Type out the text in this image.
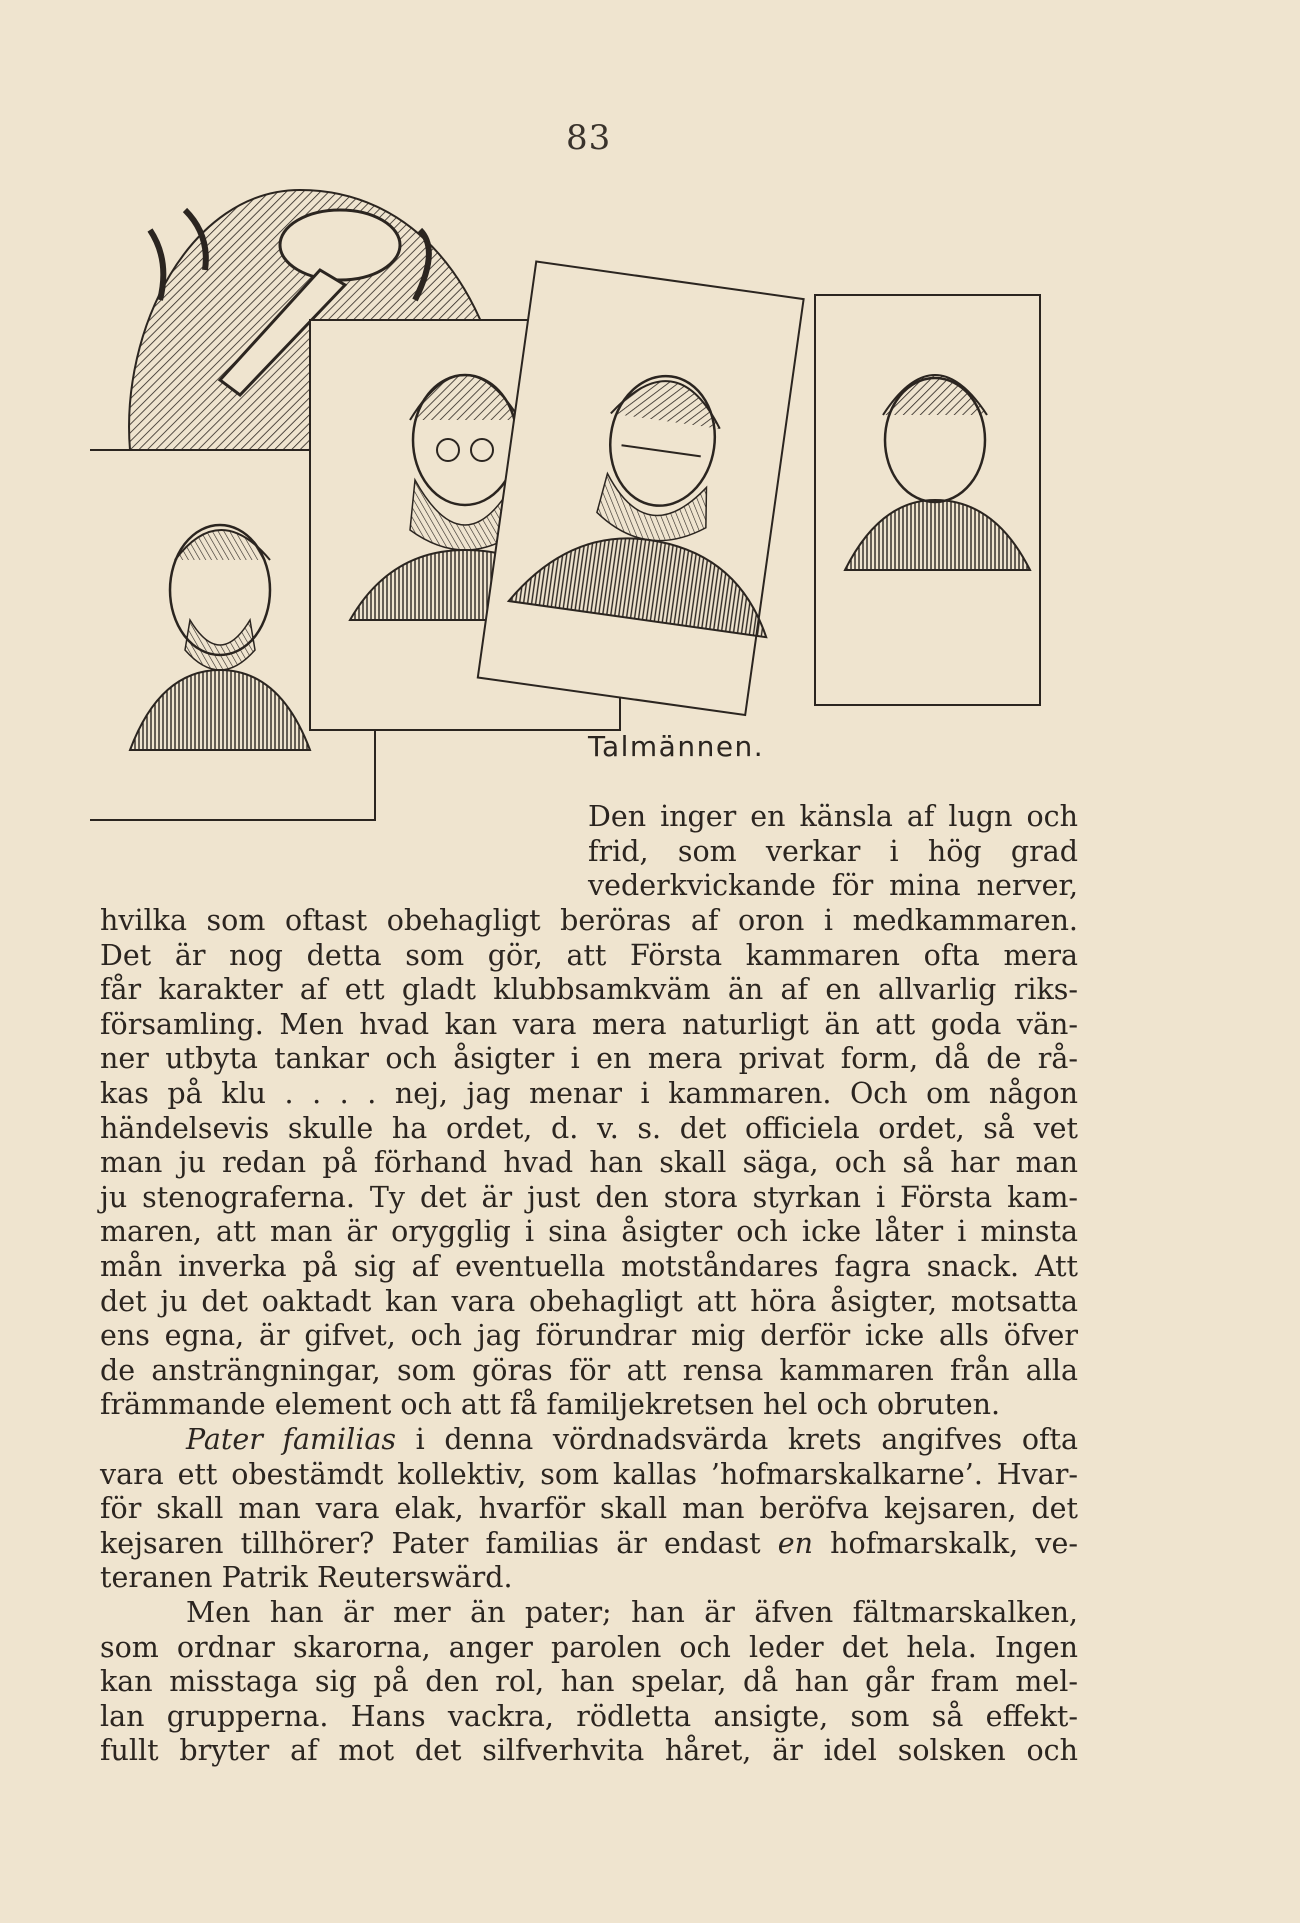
83
Talmännen.
Den inger en känsla af lugn och
frid, som verkar i hög grad
vederkvickande för mina nerver,
hvilka som oftast obehagligt beröras af oron i medkammaren.
Det är nog detta som gör, att Första kammaren ofta mera
får karakter af ett gladt klubbsamkväm än af en allvarlig riks-
församling. Men hvad kan vara mera naturligt än att goda vän-
ner utbyta tankar och åsigter i en mera privat form, då de rå-
kas på klu . . . . nej, jag menar i kammaren. Och om någon
händelsevis skulle ha ordet, d. v. s. det officiela ordet, så vet
man ju redan på förhand hvad han skall säga, och så har man
ju stenograferna. Ty det är just den stora styrkan i Första kam-
maren, att man är orygglig i sina åsigter och icke låter i minsta
mån inverka på sig af eventuella motståndares fagra snack. Att
det ju det oaktadt kan vara obehagligt att höra åsigter, motsatta
ens egna, är gifvet, och jag förundrar mig derför icke alls öfver
de ansträngningar, som göras för att rensa kammaren från alla
främmande element och att få familjekretsen hel och obruten.
Pater familias i denna vördnadsvärda krets angifves ofta
vara ett obestämdt kollektiv, som kallas ’hofmarskalkarne’. Hvar-
för skall man vara elak, hvarför skall man beröfva kejsaren, det
kejsaren tillhörer? Pater familias är endast en hofmarskalk, ve-
teranen Patrik Reuterswärd.
Men han är mer än pater; han är äfven fältmarskalken,
som ordnar skarorna, anger parolen och leder det hela. Ingen
kan misstaga sig på den rol, han spelar, då han går fram mel-
lan grupperna. Hans vackra, rödletta ansigte, som så effekt-
fullt bryter af mot det silfverhvita håret, är idel solsken och
